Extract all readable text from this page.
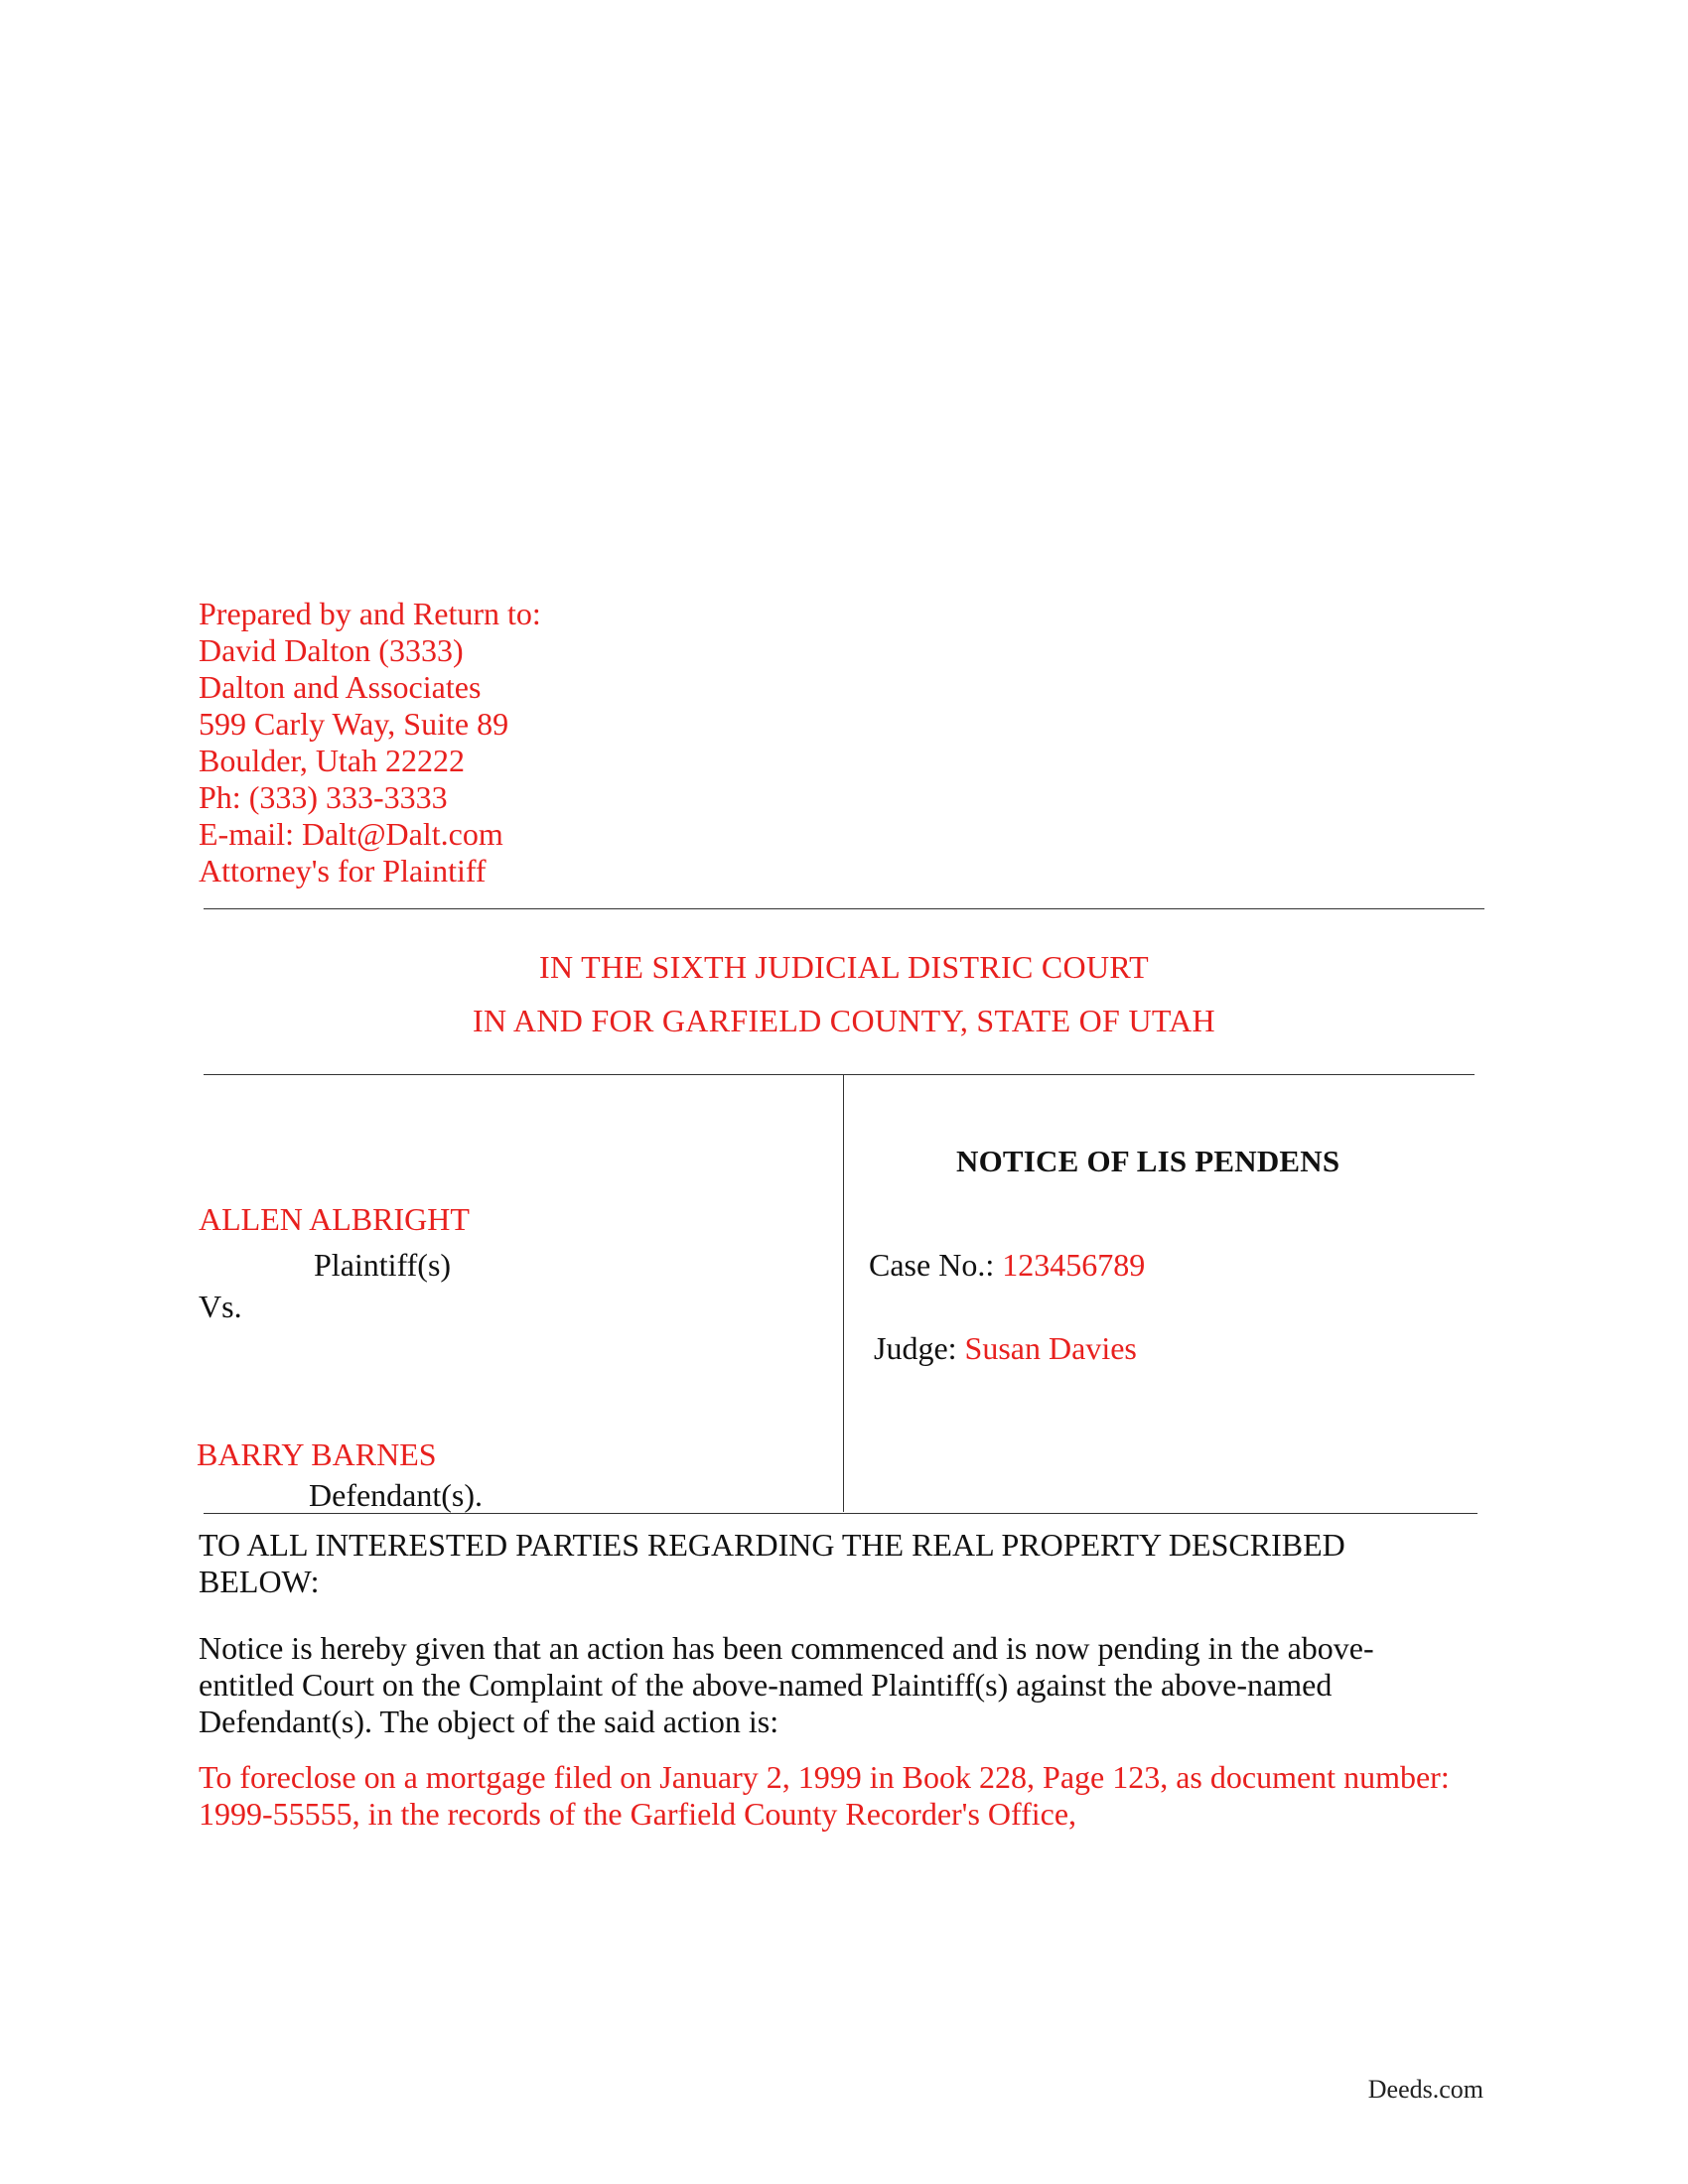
Prepared by and Return to:
David Dalton (3333)
Dalton and Associates
599 Carly Way, Suite 89
Boulder, Utah 22222
Ph: (333) 333-3333
E-mail: Dalt@Dalt.com
Attorney's for Plaintiff
IN THE SIXTH JUDICIAL DISTRIC COURT
IN AND FOR GARFIELD COUNTY, STATE OF UTAH
ALLEN ALBRIGHT
Plaintiff(s)
Vs.
BARRY BARNES
Defendant(s).
NOTICE OF LIS PENDENS
Case No.: 123456789
Judge: Susan Davies
TO ALL INTERESTED PARTIES REGARDING THE REAL PROPERTY DESCRIBED BELOW:
Notice is hereby given that an action has been commenced and is now pending in the above-entitled Court on the Complaint of the above-named Plaintiff(s) against the above-named Defendant(s). The object of the said action is:
To foreclose on a mortgage filed on January 2, 1999 in Book 228, Page 123, as document number: 1999-55555, in the records of the Garfield County Recorder's Office,
Deeds.com
